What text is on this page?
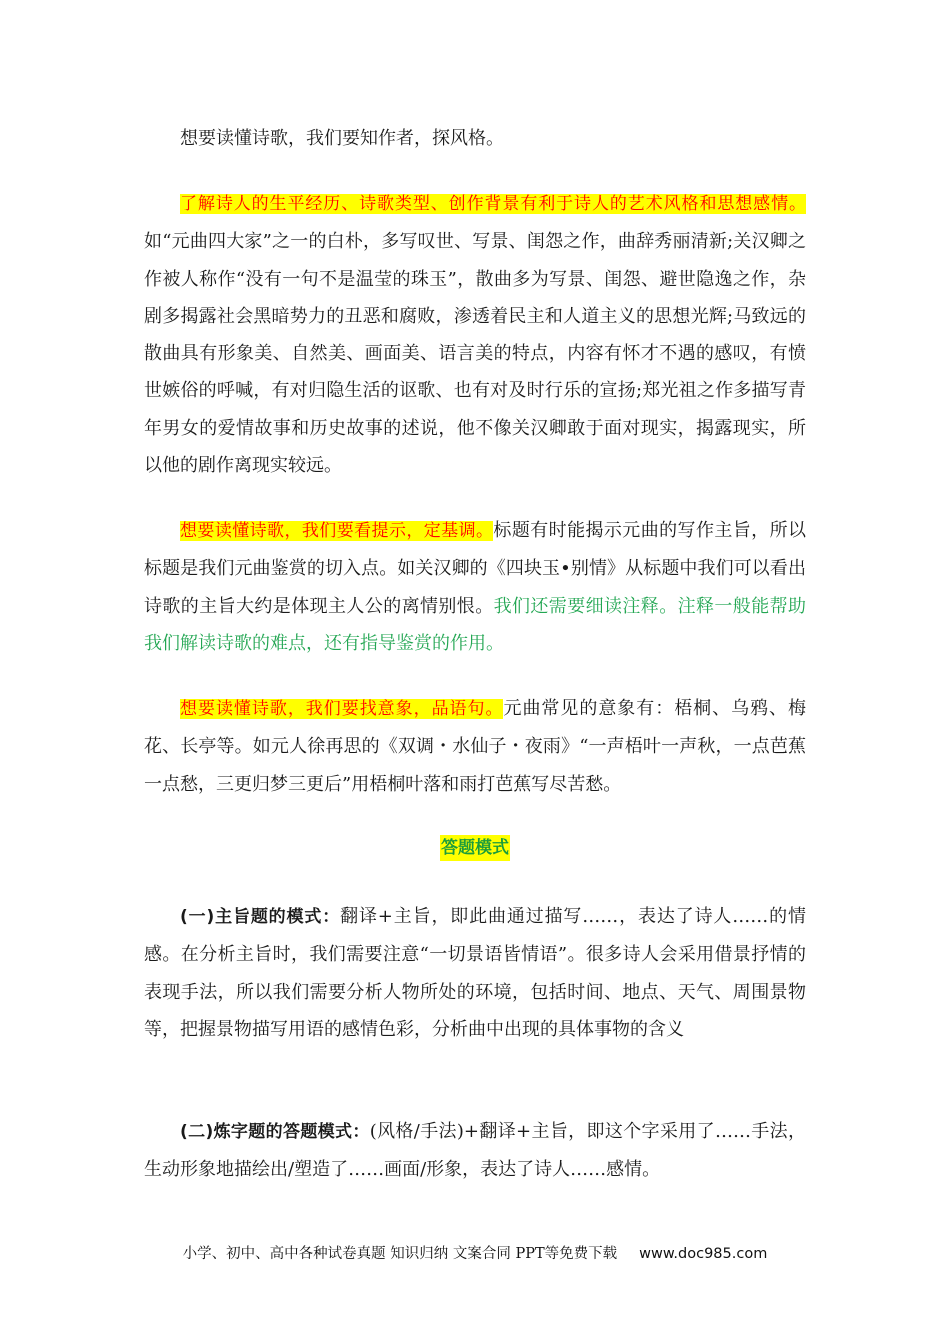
想要读懂诗歌，我们要知作者，探风格。

了解诗人的生平经历、诗歌类型、创作背景有利于诗人的艺术风格和思想感情。如“元曲四大家”之一的白朴，多写叹世、写景、闺怨之作，曲辞秀丽清新;关汉卿之作被人称作“没有一句不是温莹的珠玉”，散曲多为写景、闺怨、避世隐逸之作，杂剧多揭露社会黑暗势力的丑恶和腐败，渗透着民主和人道主义的思想光辉;马致远的散曲具有形象美、自然美、画面美、语言美的特点，内容有怀才不遇的感叹，有愤世嫉俗的呼喊，有对归隐生活的讴歌、也有对及时行乐的宣扬;郑光祖之作多描写青年男女的爱情故事和历史故事的述说，他不像关汉卿敢于面对现实，揭露现实，所以他的剧作离现实较远。

想要读懂诗歌，我们要看提示，定基调。标题有时能揭示元曲的写作主旨，所以标题是我们元曲鉴赏的切入点。如关汉卿的《四块玉•别情》从标题中我们可以看出诗歌的主旨大约是体现主人公的离情别恨。我们还需要细读注释。注释一般能帮助我们解读诗歌的难点，还有指导鉴赏的作用。

想要读懂诗歌，我们要找意象，品语句。元曲常见的意象有：梧桐、乌鸦、梅花、长亭等。如元人徐再思的《双调・水仙子・夜雨》“一声梧叶一声秋，一点芭蕉一点愁，三更归梦三更后”用梧桐叶落和雨打芭蕉写尽苦愁。

答题模式

(一)主旨题的模式：翻译+主旨，即此曲通过描写……，表达了诗人……的情感。在分析主旨时，我们需要注意“一切景语皆情语”。很多诗人会采用借景抒情的表现手法，所以我们需要分析人物所处的环境，包括时间、地点、天气、周围景物等，把握景物描写用语的感情色彩，分析曲中出现的具体事物的含义

(二)炼字题的答题模式：(风格/手法)+翻译+主旨，即这个字采用了……手法，生动形象地描绘出/塑造了……画面/形象，表达了诗人……感情。

小学、初中、高中各种试卷真题 知识归纳 文案合同 PPT等免费下载 www.doc985.com
